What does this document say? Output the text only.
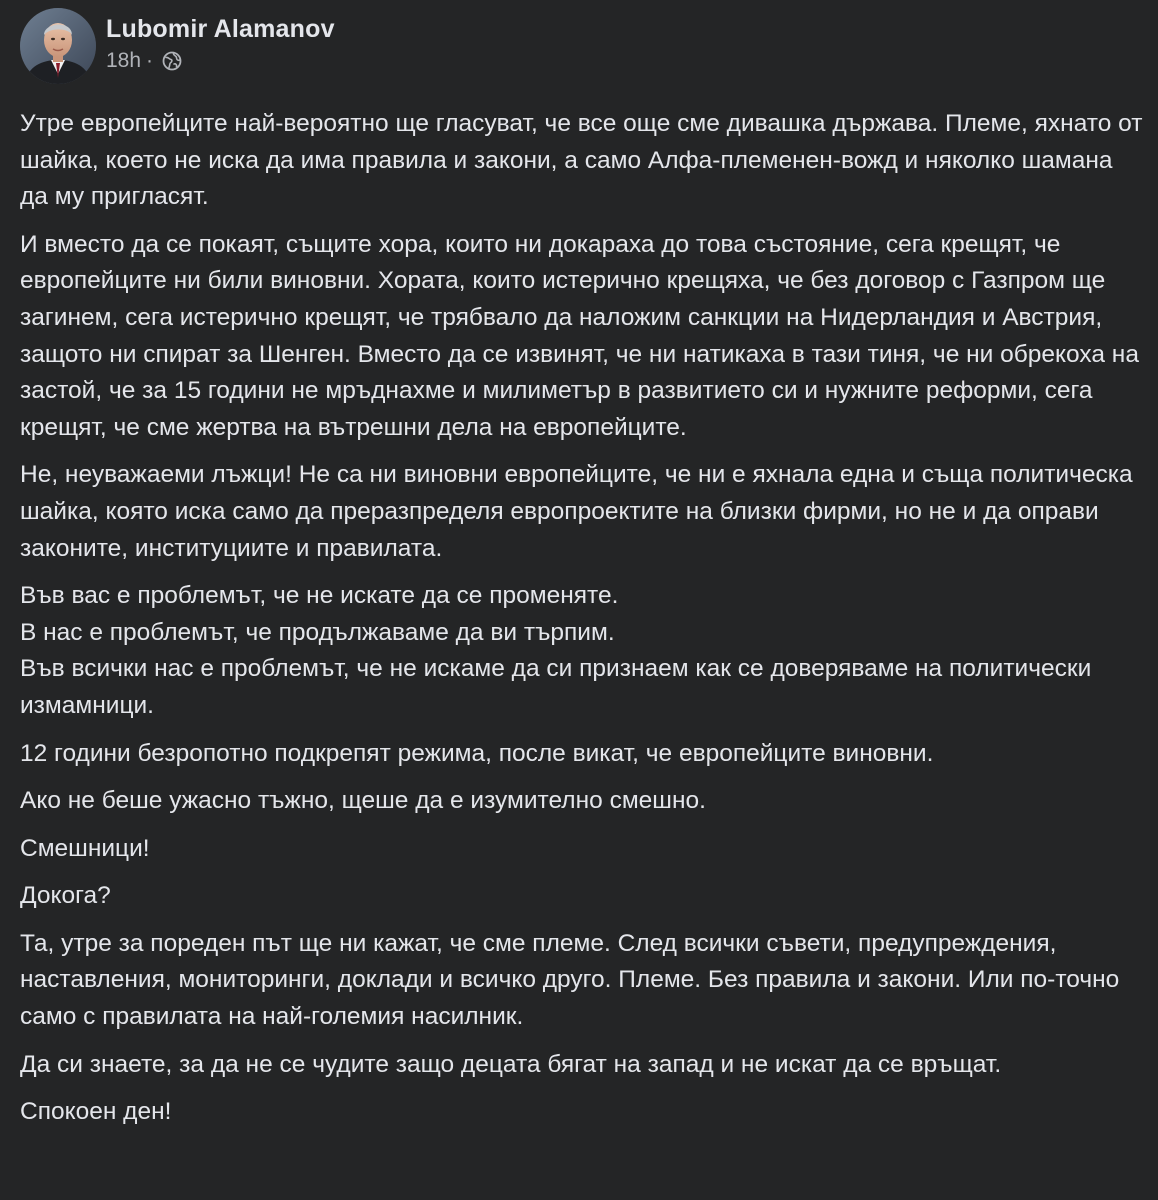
Lubomir Alamanov
18h ·

Утре европейците най-вероятно ще гласуват, че все още сме дивашка държава. Племе, яхнато от шайка, което не иска да има правила и закони, а само Алфа-племенен-вожд и няколко шамана да му пригласят.

И вместо да се покаят, същите хора, които ни докараха до това състояние, сега крещят, че европейците ни били виновни. Хората, които истерично крещяха, че без договор с Газпром ще загинем, сега истерично крещят, че трябвало да наложим санкции на Нидерландия и Австрия, защото ни спират за Шенген. Вместо да се извинят, че ни натикаха в тази тиня, че ни обрекоха на застой, че за 15 години не мръднахме и милиметър в развитието си и нужните реформи, сега крещят, че сме жертва на вътрешни дела на европейците.

Не, неуважаеми лъжци! Не са ни виновни европейците, че ни е яхнала една и съща политическа шайка, която иска само да преразпределя европроектите на близки фирми, но не и да оправи законите, институциите и правилата.

Във вас е проблемът, че не искате да се променяте.
В нас е проблемът, че продължаваме да ви търпим.
Във всички нас е проблемът, че не искаме да си признаем как се доверяваме на политически измамници.

12 години безропотно подкрепят режима, после викат, че европейците виновни.

Ако не беше ужасно тъжно, щеше да е изумително смешно.

Смешници!

Докога?

Та, утре за пореден път ще ни кажат, че сме племе. След всички съвети, предупреждения, наставления, мониторинги, доклади и всичко друго. Племе. Без правила и закони. Или по-точно само с правилата на най-големия насилник.

Да си знаете, за да не се чудите защо децата бягат на запад и не искат да се връщат.

Спокоен ден!
